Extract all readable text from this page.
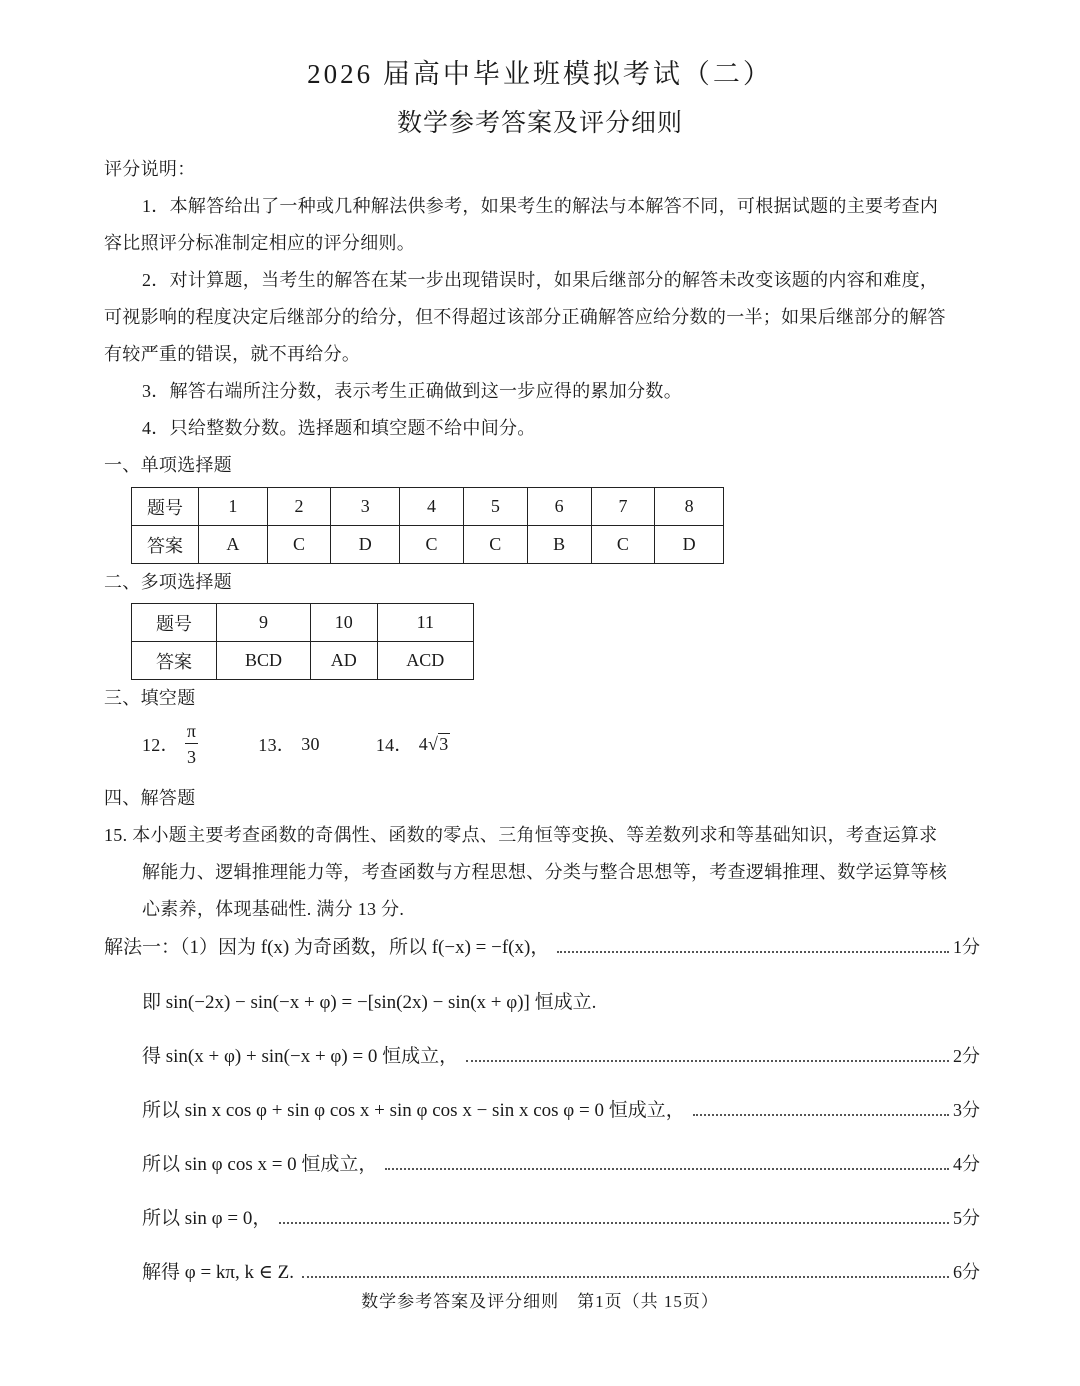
2026 届高中毕业班模拟考试（二）
数学参考答案及评分细则
评分说明：
1．本解答给出了一种或几种解法供参考，如果考生的解法与本解答不同，可根据试题的主要考查内
容比照评分标准制定相应的评分细则。
2．对计算题，当考生的解答在某一步出现错误时，如果后继部分的解答未改变该题的内容和难度，
可视影响的程度决定后继部分的给分，但不得超过该部分正确解答应给分数的一半；如果后继部分的解答
有较严重的错误，就不再给分。
3．解答右端所注分数，表示考生正确做到这一步应得的累加分数。
4．只给整数分数。选择题和填空题不给中间分。
一、单项选择题
题号	1	2	3	4	5	6	7	8
答案	A	C	D	C	C	B	C	D
二、多项选择题
题号	9	10	11
答案	BCD	AD	ACD
三、填空题
12． $\frac{\pi}{3}$	13． 30	14． 4√3
四、解答题
15. 本小题主要考查函数的奇偶性、函数的零点、三角恒等变换、等差数列求和等基础知识，考查运算求
解能力、逻辑推理能力等，考查函数与方程思想、分类与整合思想等，考查逻辑推理、数学运算等核
心素养，体现基础性. 满分 13 分.
解法一：（1）因为 f(x) 为奇函数，所以 f(−x) = −f(x)，	1分
即 sin(−2x) − sin(−x + φ) = −[sin(2x) − sin(x + φ)] 恒成立.
得 sin(x + φ) + sin(−x + φ) = 0 恒成立，	2分
所以 sin x cos φ + sin φ cos x + sin φ cos x − sin x cos φ = 0 恒成立，	3分
所以 sin φ cos x = 0 恒成立，	4分
所以 sin φ = 0，	5分
解得 φ = kπ, k ∈ Z.	6分
数学参考答案及评分细则　第1页（共 15页）
